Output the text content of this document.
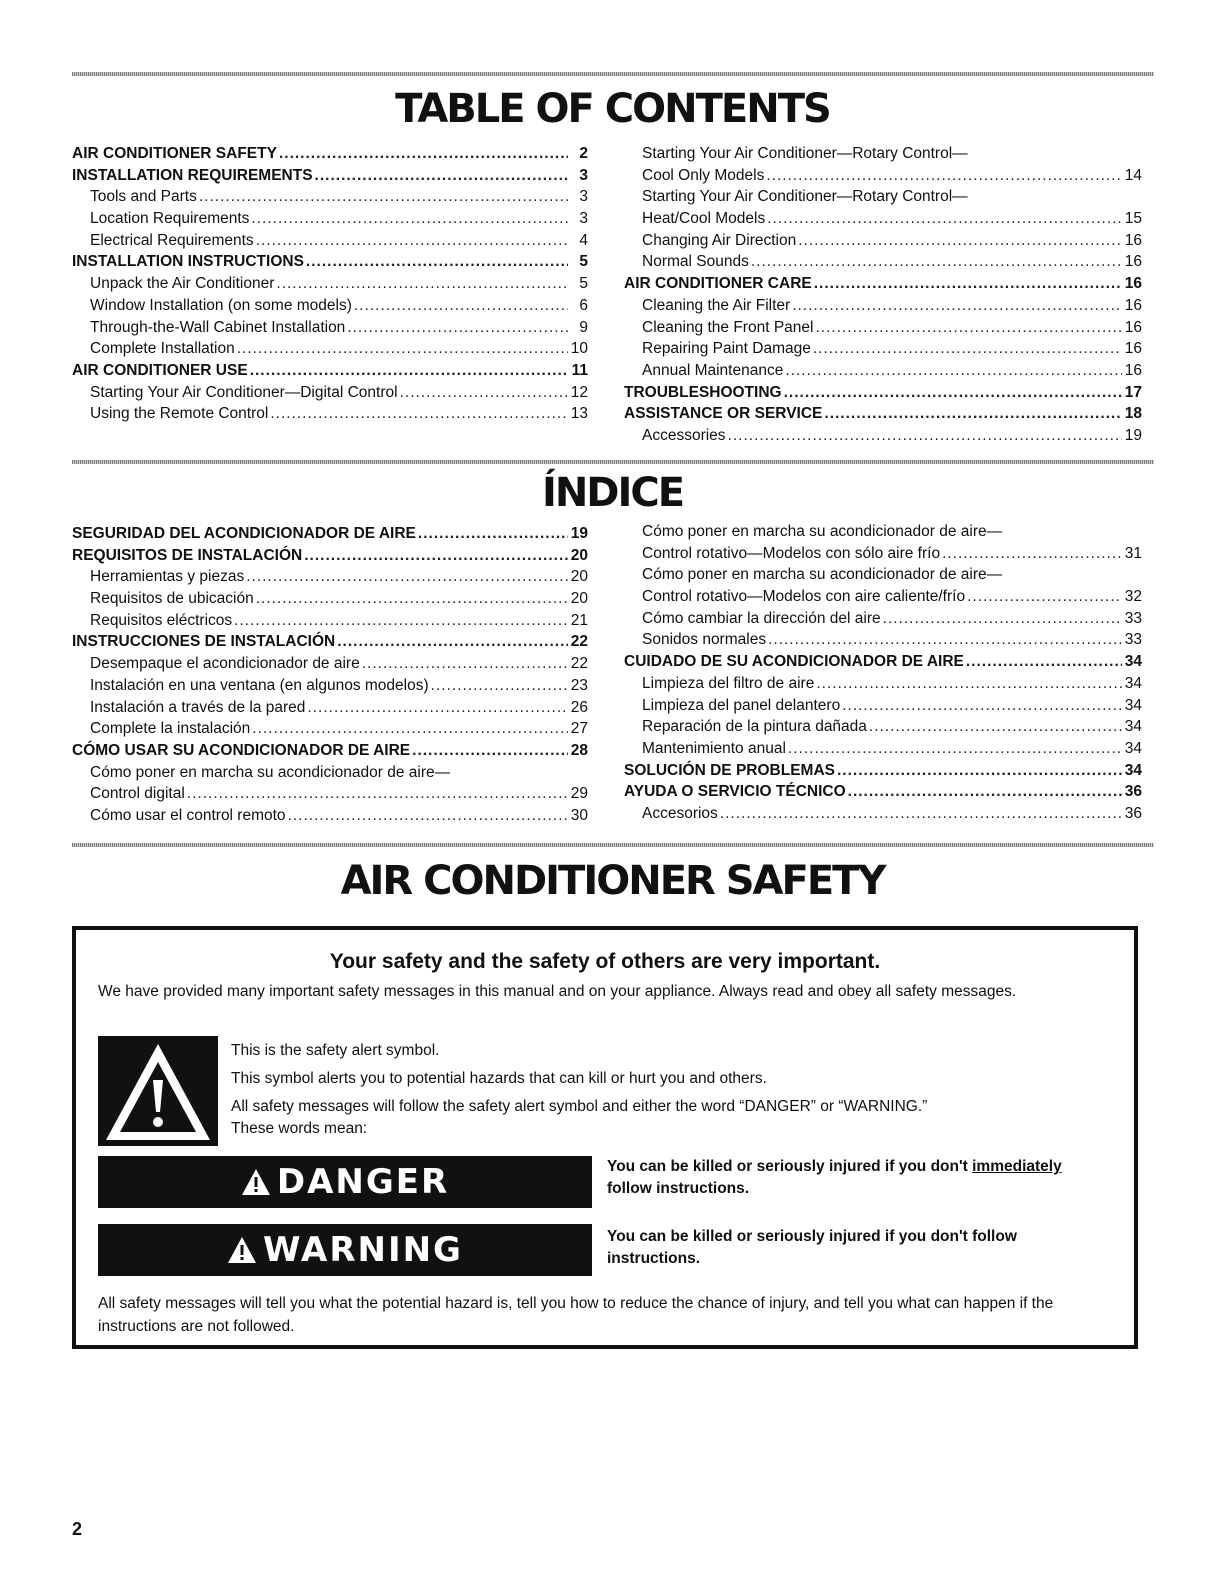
TABLE OF CONTENTS
AIR CONDITIONER SAFETY .....	2
INSTALLATION REQUIREMENTS .....	3
Tools and Parts .....	3
Location Requirements .....	3
Electrical Requirements .....	4
INSTALLATION INSTRUCTIONS .....	5
Unpack the Air Conditioner .....	5
Window Installation (on some models) .....	6
Through-the-Wall Cabinet Installation .....	9
Complete Installation .....	10
AIR CONDITIONER USE .....	11
Starting Your Air Conditioner—Digital Control .....	12
Using the Remote Control .....	13
Starting Your Air Conditioner—Rotary Control—
Cool Only Models .....	14
Starting Your Air Conditioner—Rotary Control—
Heat/Cool Models .....	15
Changing Air Direction .....	16
Normal Sounds .....	16
AIR CONDITIONER CARE .....	16
Cleaning the Air Filter .....	16
Cleaning the Front Panel .....	16
Repairing Paint Damage .....	16
Annual Maintenance .....	16
TROUBLESHOOTING .....	17
ASSISTANCE OR SERVICE .....	18
Accessories .....	19
ÍNDICE
SEGURIDAD DEL ACONDICIONADOR DE AIRE .....	19
REQUISITOS DE INSTALACIÓN .....	20
Herramientas y piezas .....	20
Requisitos de ubicación .....	20
Requisitos eléctricos .....	21
INSTRUCCIONES DE INSTALACIÓN .....	22
Desempaque el acondicionador de aire .....	22
Instalación en una ventana (en algunos modelos) .....	23
Instalación a través de la pared .....	26
Complete la instalación .....	27
CÓMO USAR SU ACONDICIONADOR DE AIRE .....	28
Cómo poner en marcha su acondicionador de aire—
Control digital .....	29
Cómo usar el control remoto .....	30
Cómo poner en marcha su acondicionador de aire—
Control rotativo—Modelos con sólo aire frío .....	31
Cómo poner en marcha su acondicionador de aire—
Control rotativo—Modelos con aire caliente/frío .....	32
Cómo cambiar la dirección del aire .....	33
Sonidos normales .....	33
CUIDADO DE SU ACONDICIONADOR DE AIRE .....	34
Limpieza del filtro de aire .....	34
Limpieza del panel delantero .....	34
Reparación de la pintura dañada .....	34
Mantenimiento anual .....	34
SOLUCIÓN DE PROBLEMAS .....	34
AYUDA O SERVICIO TÉCNICO .....	36
Accesorios .....	36
AIR CONDITIONER SAFETY
Your safety and the safety of others are very important.
We have provided many important safety messages in this manual and on your appliance. Always read and obey all safety messages.
This is the safety alert symbol.
This symbol alerts you to potential hazards that can kill or hurt you and others.
All safety messages will follow the safety alert symbol and either the word “DANGER” or “WARNING.”
These words mean:
DANGER	You can be killed or seriously injured if you don't immediately
follow instructions.
WARNING	You can be killed or seriously injured if you don't follow instructions.
All safety messages will tell you what the potential hazard is, tell you how to reduce the chance of injury, and tell you what can happen if the instructions are not followed.
2
